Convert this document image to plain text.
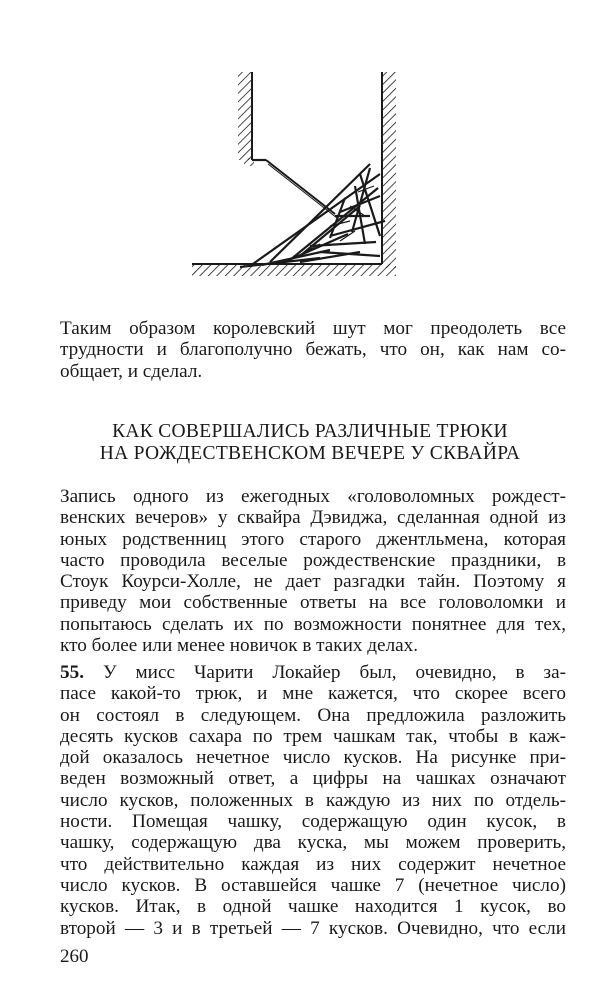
Таким образом королевский шут мог преодолеть все
трудности и благополучно бежать, что он, как нам со-
общает, и сделал.
КАК СОВЕРШАЛИСЬ РАЗЛИЧНЫЕ ТРЮКИ
НА РОЖДЕСТВЕНСКОМ ВЕЧЕРЕ У СКВАЙРА
Запись одного из ежегодных «головоломных рождест-
венских вечеров» у сквайра Дэвиджа, сделанная одной из
юных родственниц этого старого джентльмена, которая
часто проводила веселые рождественские праздники, в
Стоук Коурси-Холле, не дает разгадки тайн. Поэтому я
приведу мои собственные ответы на все головоломки и
попытаюсь сделать их по возможности понятнее для тех,
кто более или менее новичок в таких делах.
55. У мисс Чарити Локайер был, очевидно, в за-
пасе какой-то трюк, и мне кажется, что скорее всего
он состоял в следующем. Она предложила разложить
десять кусков сахара по трем чашкам так, чтобы в каж-
дой оказалось нечетное число кусков. На рисунке при-
веден возможный ответ, а цифры на чашках означают
число кусков, положенных в каждую из них по отдель-
ности. Помещая чашку, содержащую один кусок, в
чашку, содержащую два куска, мы можем проверить,
что действительно каждая из них содержит нечетное
число кусков. В оставшейся чашке 7 (нечетное число)
кусков. Итак, в одной чашке находится 1 кусок, во
второй — 3 и в третьей — 7 кусков. Очевидно, что если
260
